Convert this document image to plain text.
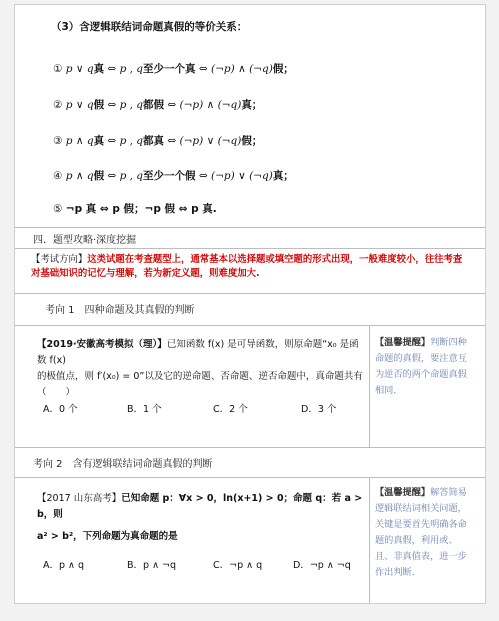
（3）含逻辑联结词命题真假的等价关系：
① p ∨ q真 ⇔ p , q至少一个真 ⇔ (¬p) ∧ (¬q)假；
② p ∨ q假 ⇔ p , q都假 ⇔ (¬p) ∧ (¬q)真；
③ p ∧ q真 ⇔ p , q都真 ⇔ (¬p) ∨ (¬q)假；
④ p ∧ q假 ⇔ p , q至少一个假 ⇔ (¬p) ∨ (¬q)真；
⑤ ¬p 真 ⇔ p 假；¬p 假 ⇔ p 真.
四．题型攻略·深度挖掘
【考试方向】这类试题在考查题型上，通常基本以选择题或填空题的形式出现，一般难度较小，往往考查对基础知识的记忆与理解，若为新定义题，则难度加大.
考向 1　四种命题及其真假的判断
【2019·安徽高考模拟（理）】已知函数 f(x) 是可导函数，则原命题“x₀ 是函数 f(x)
的极值点，则 f′(x₀) = 0”以及它的逆命题、否命题、逆否命题中，真命题共有（　　）
A．0 个	B．1 个	C．2 个	D．3 个
【温馨提醒】判断四种命题的真假，要注意互为逆否的两个命题真假相同．
考向 2　含有逻辑联结词命题真假的判断
【2017 山东高考】已知命题 p：∀x > 0，ln(x+1) > 0；命题 q：若 a > b，则
a² > b²，下列命题为真命题的是
A．p ∧ q	B．p ∧ ¬q	C．¬p ∧ q	D．¬p ∧ ¬q
【温馨提醒】解答简易逻辑联结词相关问题，关键是要首先明确各命题的真假，利用或、且、非真值表，进一步作出判断．
